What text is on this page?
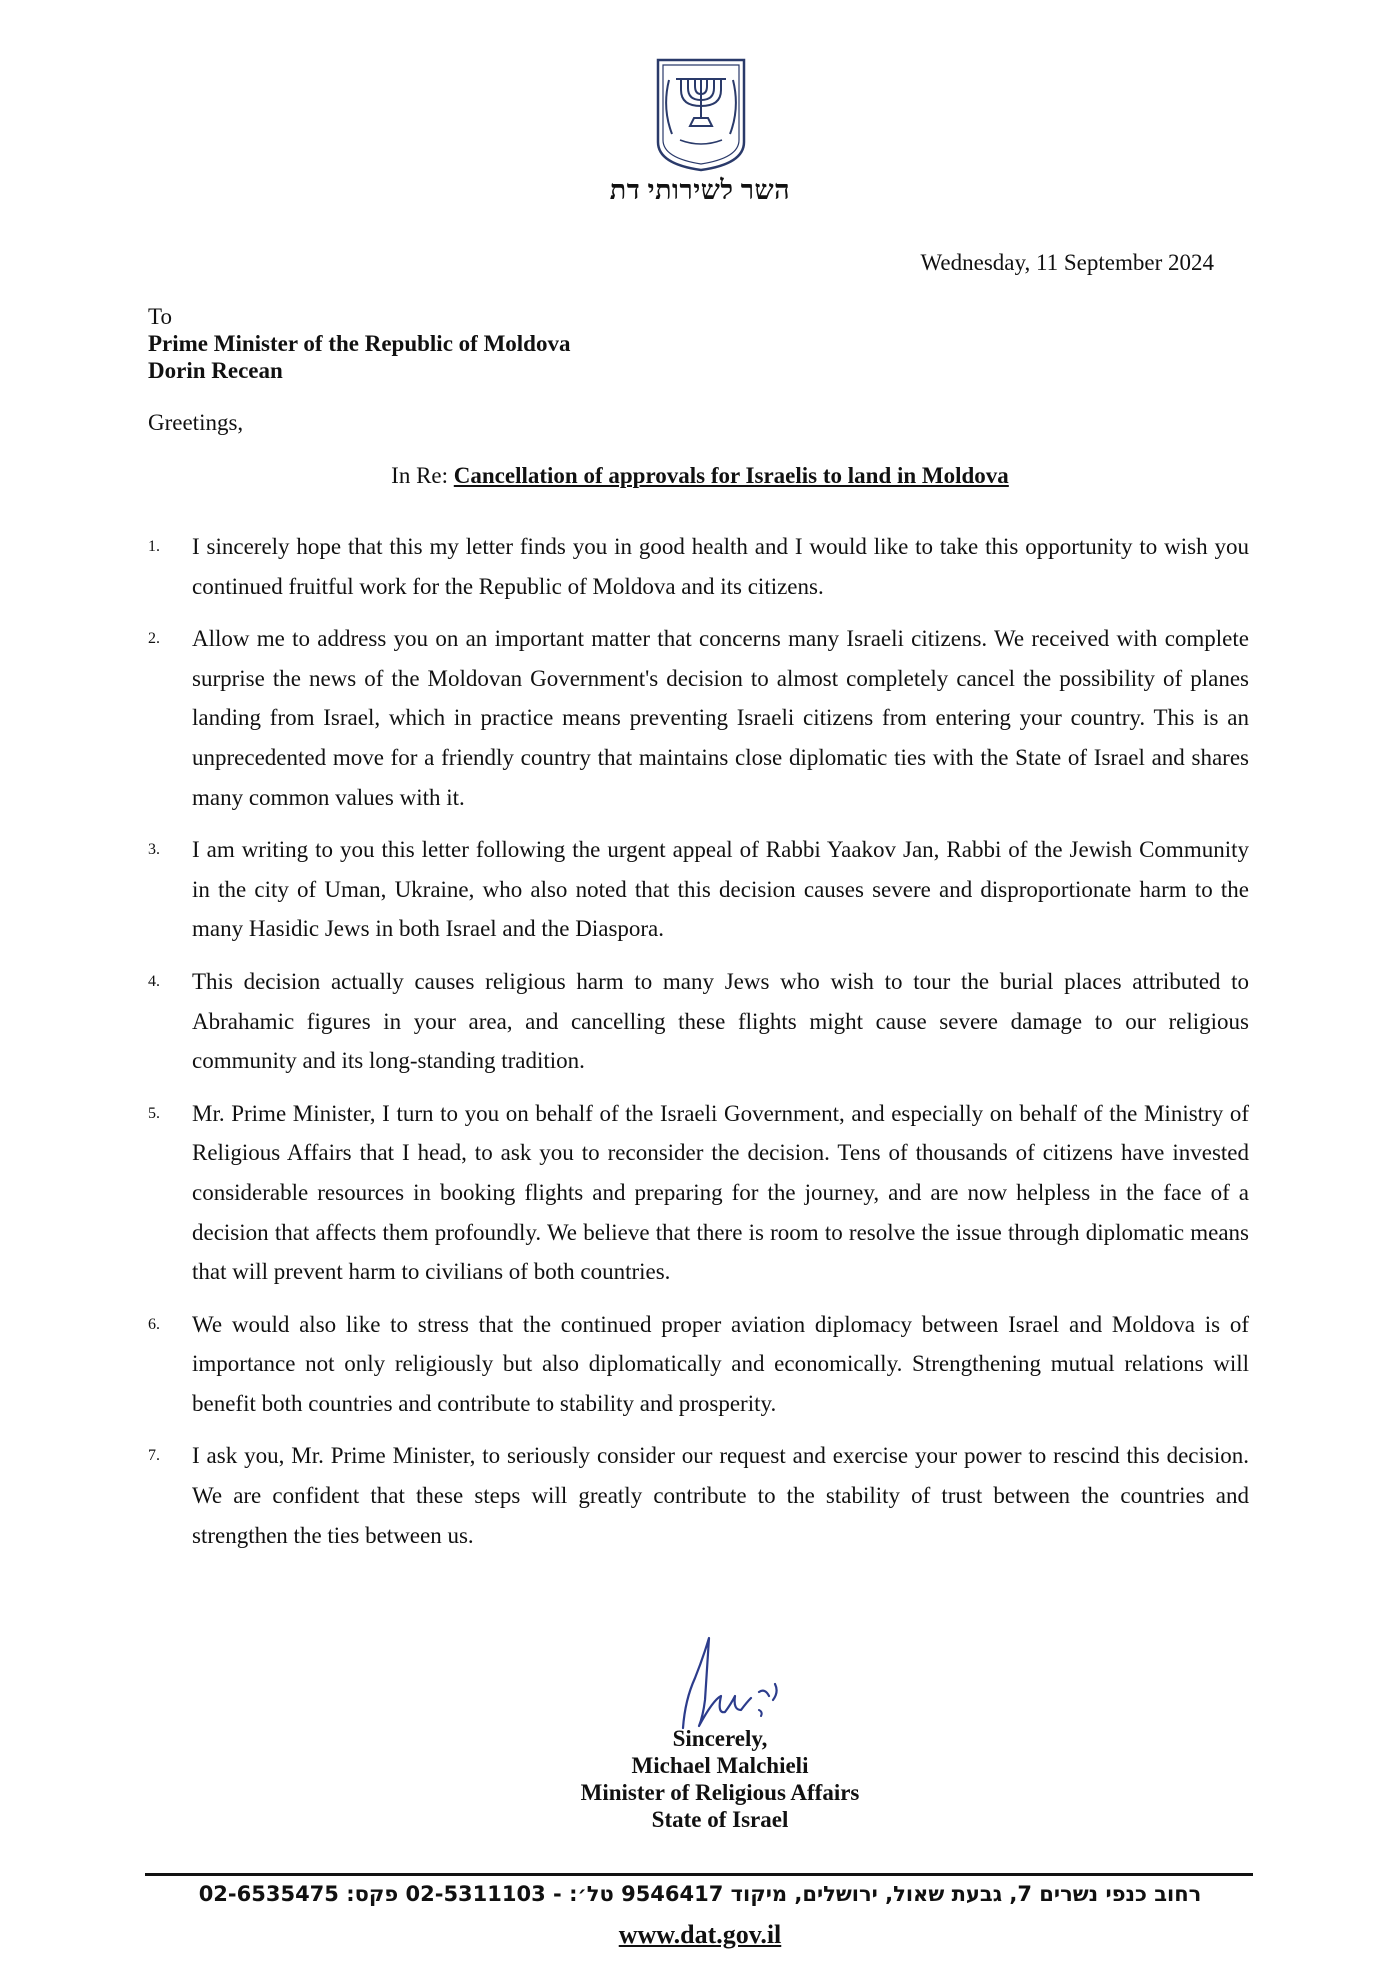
השר לשירותי דת
Wednesday, 11 September 2024
To
Prime Minister of the Republic of Moldova
Dorin Recean
Greetings,
In Re: Cancellation of approvals for Israelis to land in Moldova
1. I sincerely hope that this my letter finds you in good health and I would like to take this opportunity to wish you continued fruitful work for the Republic of Moldova and its citizens.
2. Allow me to address you on an important matter that concerns many Israeli citizens. We received with complete surprise the news of the Moldovan Government's decision to almost completely cancel the possibility of planes landing from Israel, which in practice means preventing Israeli citizens from entering your country. This is an unprecedented move for a friendly country that maintains close diplomatic ties with the State of Israel and shares many common values with it.
3. I am writing to you this letter following the urgent appeal of Rabbi Yaakov Jan, Rabbi of the Jewish Community in the city of Uman, Ukraine, who also noted that this decision causes severe and disproportionate harm to the many Hasidic Jews in both Israel and the Diaspora.
4. This decision actually causes religious harm to many Jews who wish to tour the burial places attributed to Abrahamic figures in your area, and cancelling these flights might cause severe damage to our religious community and its long-standing tradition.
5. Mr. Prime Minister, I turn to you on behalf of the Israeli Government, and especially on behalf of the Ministry of Religious Affairs that I head, to ask you to reconsider the decision. Tens of thousands of citizens have invested considerable resources in booking flights and preparing for the journey, and are now helpless in the face of a decision that affects them profoundly. We believe that there is room to resolve the issue through diplomatic means that will prevent harm to civilians of both countries.
6. We would also like to stress that the continued proper aviation diplomacy between Israel and Moldova is of importance not only religiously but also diplomatically and economically. Strengthening mutual relations will benefit both countries and contribute to stability and prosperity.
7. I ask you, Mr. Prime Minister, to seriously consider our request and exercise your power to rescind this decision. We are confident that these steps will greatly contribute to the stability of trust between the countries and strengthen the ties between us.
Sincerely,
Michael Malchieli
Minister of Religious Affairs
State of Israel
רחוב כנפי נשרים 7, גבעת שאול, ירושלים, מיקוד 9546417 טל׳: - 02-5311103 פקס: 02-6535475
www.dat.gov.il
